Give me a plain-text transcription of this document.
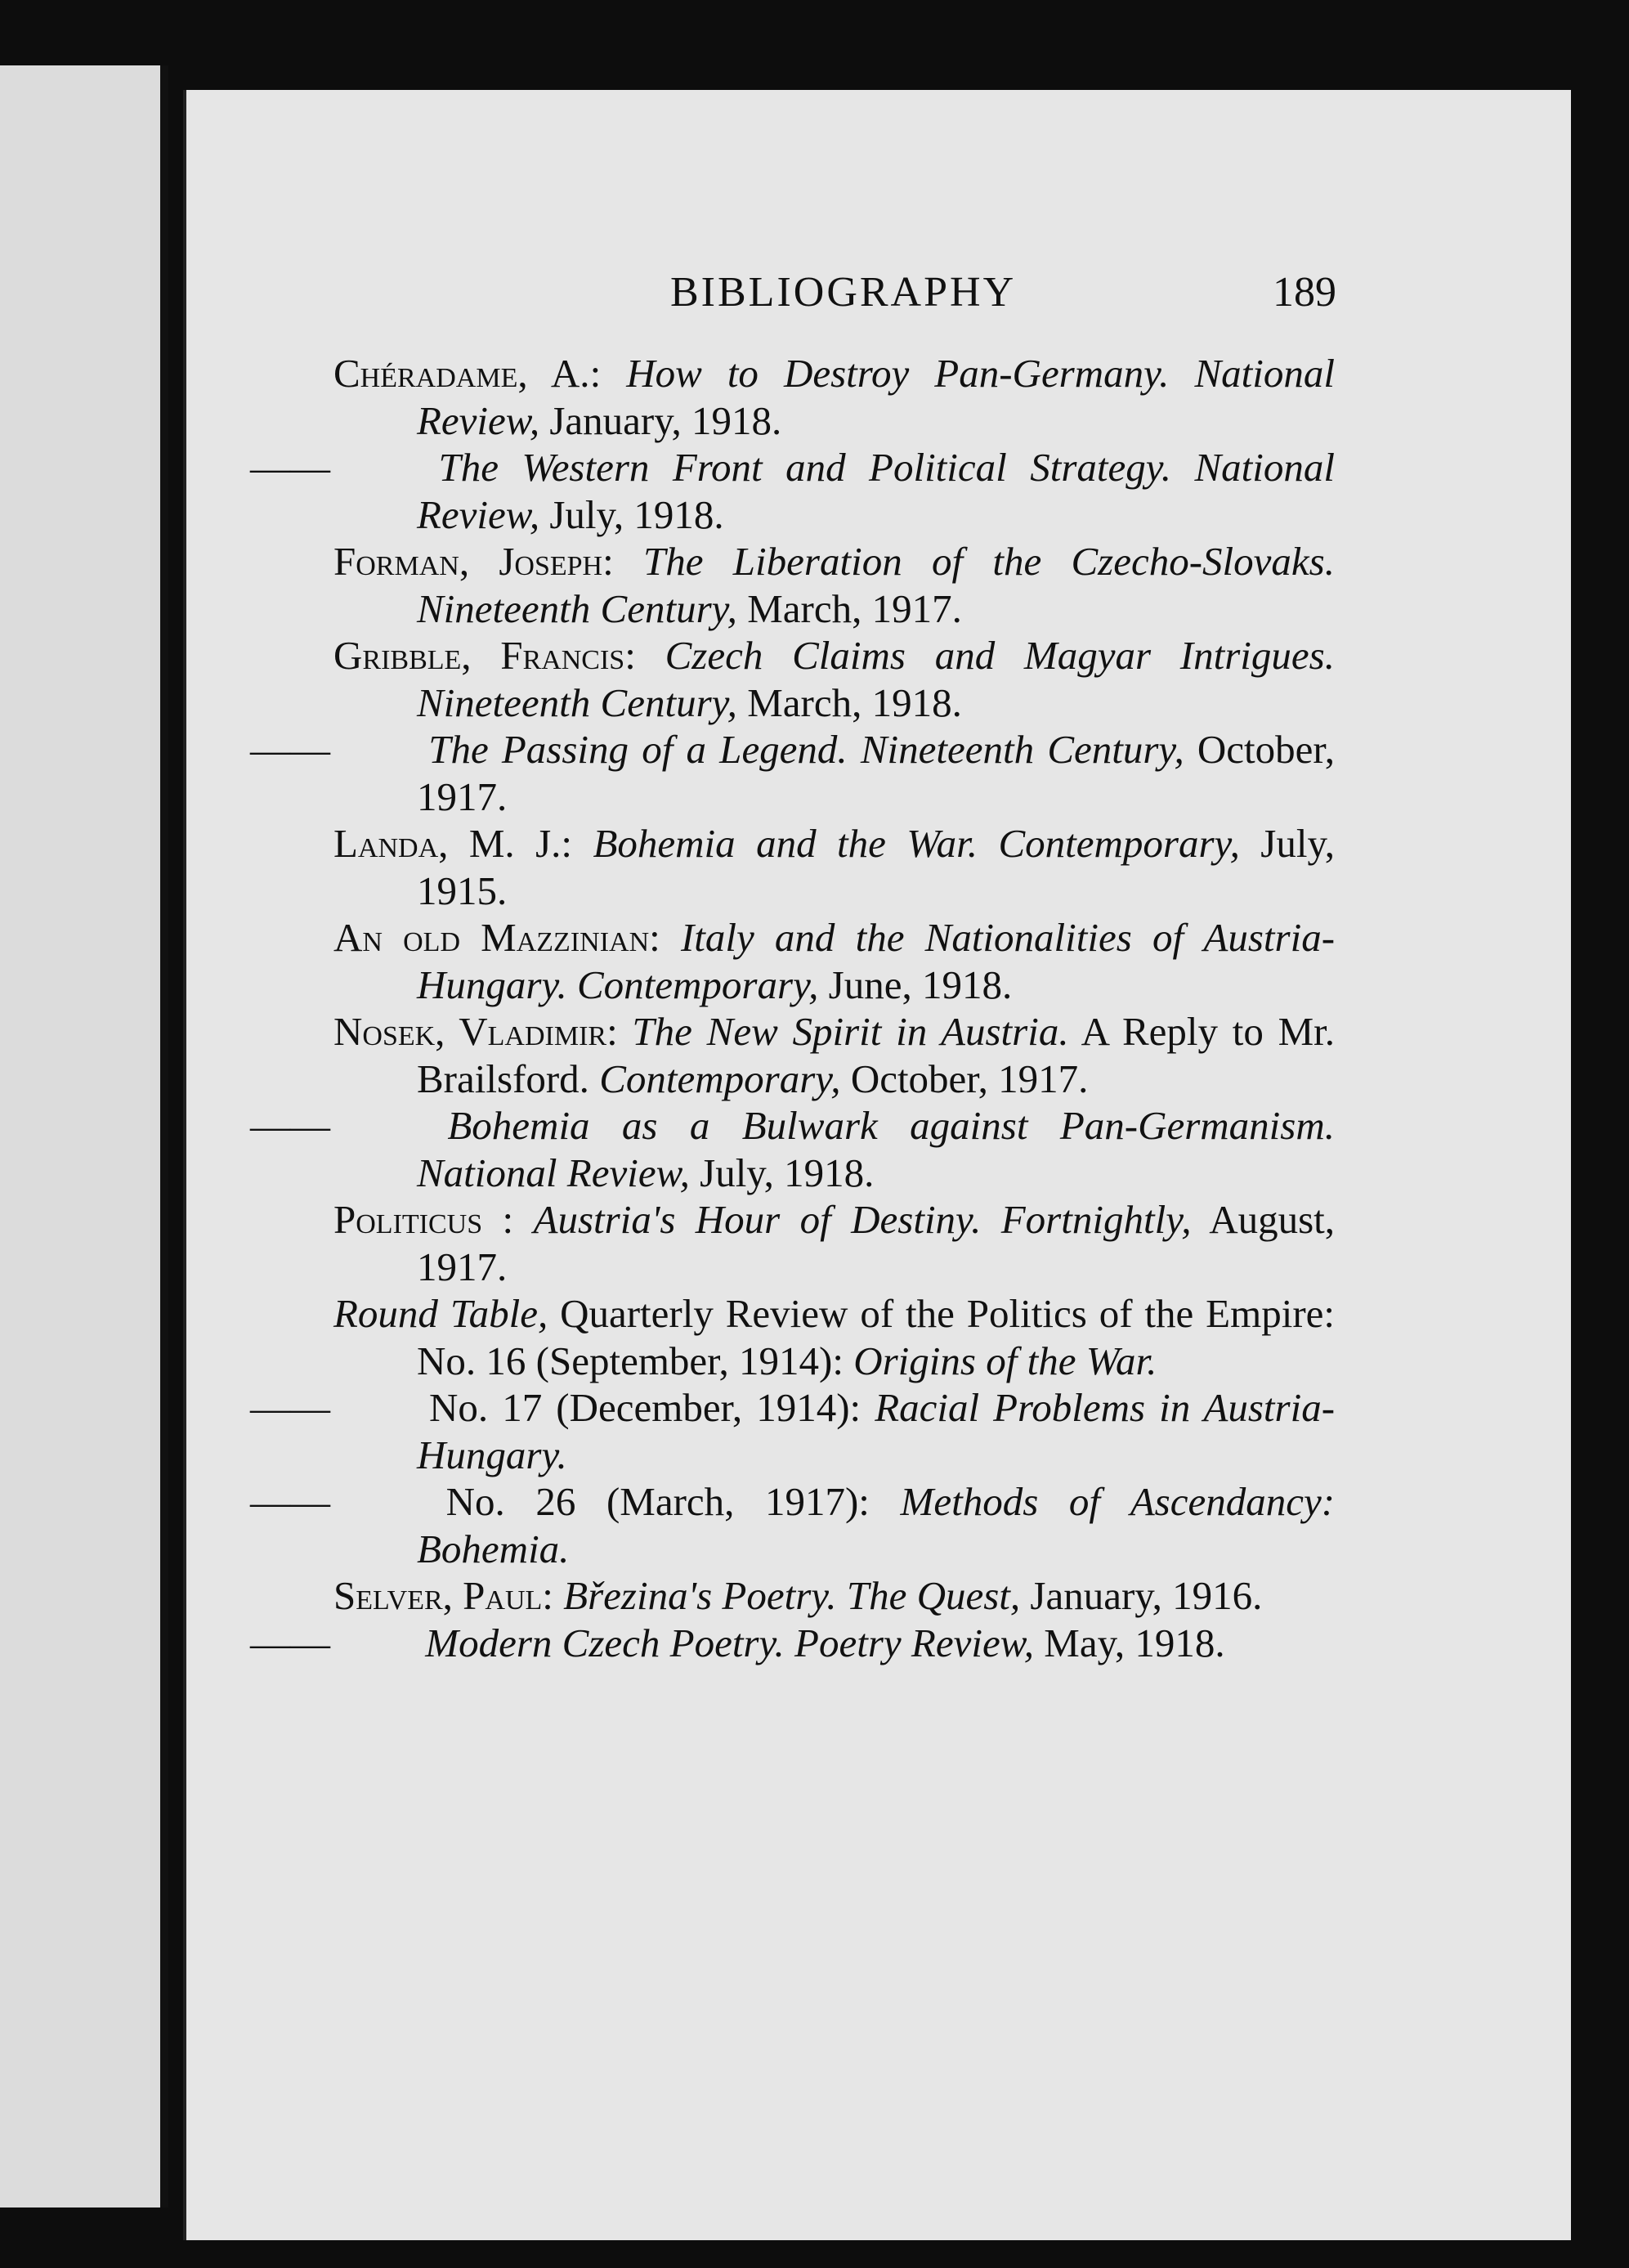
BIBLIOGRAPHY	189
Chéradame, A.: How to Destroy Pan-Germany. National Review, January, 1918.
——	The Western Front and Political Strategy. National Review, July, 1918.
Forman, Joseph: The Liberation of the Czecho-Slovaks. Nineteenth Century, March, 1917.
Gribble, Francis: Czech Claims and Magyar Intrigues. Nineteenth Century, March, 1918.
—— The Passing of a Legend. Nineteenth Century, October, 1917.
Landa, M. J.: Bohemia and the War. Contemporary, July, 1915.
An old Mazzinian: Italy and the Nationalities of Austria-Hungary. Contemporary, June, 1918.
Nosek, Vladimir: The New Spirit in Austria. A Reply to Mr. Brailsford. Contemporary, October, 1917.
——	Bohemia as a Bulwark against Pan-Germanism. National Review, July, 1918.
Politicus : Austria's Hour of Destiny. Fortnightly, August, 1917.
Round Table, Quarterly Review of the Politics of the Empire: No. 16 (September, 1914): Origins of the War.
—— No. 17 (December, 1914): Racial Problems in Austria-Hungary.
——	No. 26 (March, 1917): Methods of Ascendancy: Bohemia.
Selver, Paul: Březina's Poetry. The Quest, January, 1916.
—— Modern Czech Poetry. Poetry Review, May, 1918.
